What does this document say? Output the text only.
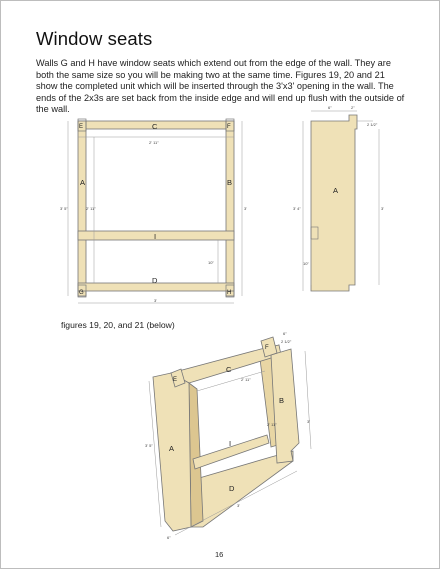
Window seats
Walls G and H have window seats which extend out from the edge of the wall. They are both the same size so you will be making two at the same time. Figures 19, 20 and 21 show the completed unit which will be inserted through the 3'x3' opening in the wall. The ends of the 2x3s are set back from the inside edge and will end up flush with the outside of the wall.
C
A	B
I
D
E	F
G	H
2' 11"
3'
3' 5"	2' 11"	3'
10"
A
6"	2"
2 1/2"
3' 4"	3'
10"
figures 19, 20, and 21 (below)
C
F
E
B
A
I
D
2' 11"
2 1/2"
6"
2' 11"
3'
3' 5"
3'
6"
16
